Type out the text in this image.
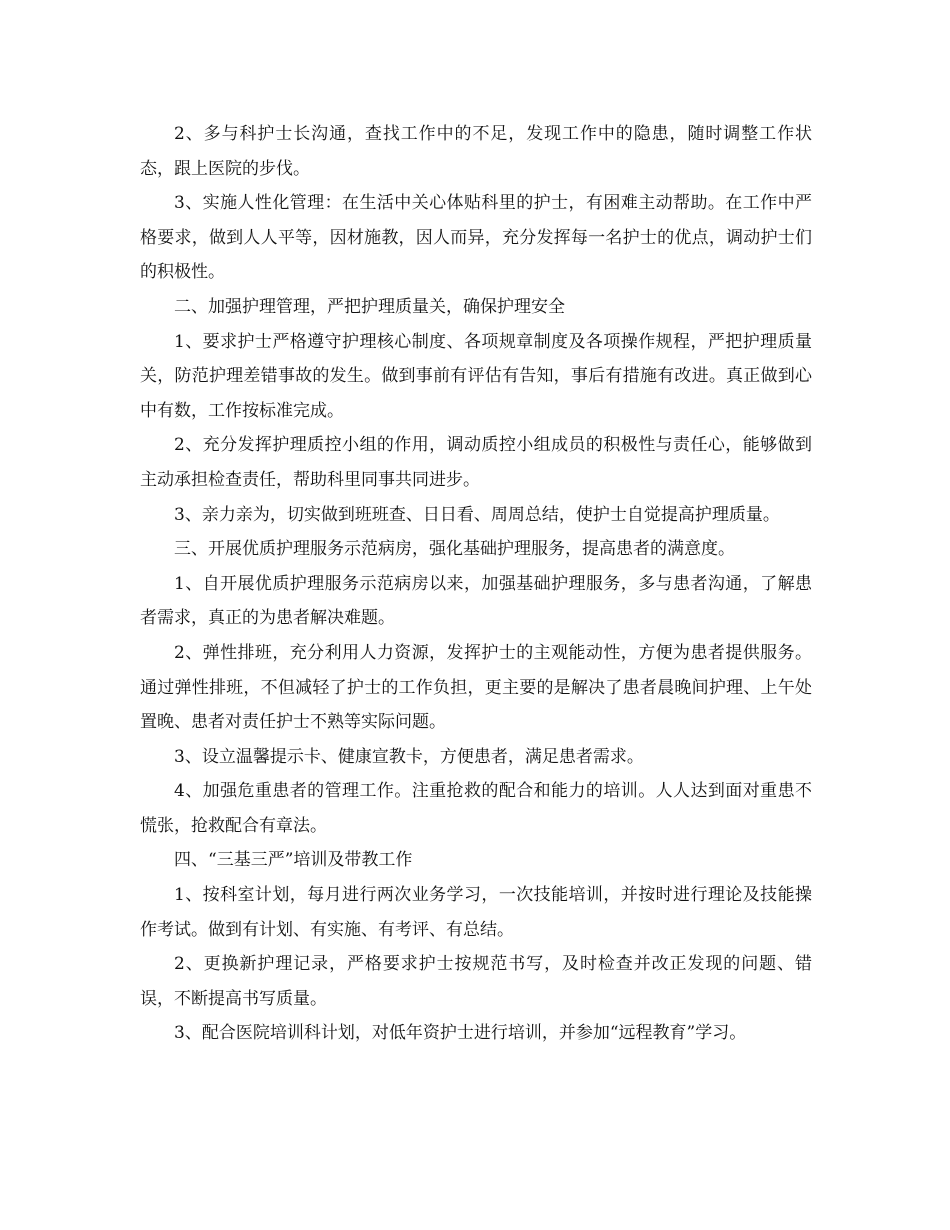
2、多与科护士长沟通，查找工作中的不足，发现工作中的隐患，随时调整工作状态，跟上医院的步伐。

3、实施人性化管理：在生活中关心体贴科里的护士，有困难主动帮助。在工作中严格要求，做到人人平等，因材施教，因人而异，充分发挥每一名护士的优点，调动护士们的积极性。

二、加强护理管理，严把护理质量关，确保护理安全

1、要求护士严格遵守护理核心制度、各项规章制度及各项操作规程，严把护理质量关，防范护理差错事故的发生。做到事前有评估有告知，事后有措施有改进。真正做到心中有数，工作按标准完成。

2、充分发挥护理质控小组的作用，调动质控小组成员的积极性与责任心，能够做到主动承担检查责任，帮助科里同事共同进步。

3、亲力亲为，切实做到班班查、日日看、周周总结，使护士自觉提高护理质量。

三、开展优质护理服务示范病房，强化基础护理服务，提高患者的满意度。

1、自开展优质护理服务示范病房以来，加强基础护理服务，多与患者沟通，了解患者需求，真正的为患者解决难题。

2、弹性排班，充分利用人力资源，发挥护士的主观能动性，方便为患者提供服务。通过弹性排班，不但减轻了护士的工作负担，更主要的是解决了患者晨晚间护理、上午处置晚、患者对责任护士不熟等实际问题。

3、设立温馨提示卡、健康宣教卡，方便患者，满足患者需求。

4、加强危重患者的管理工作。注重抢救的配合和能力的培训。人人达到面对重患不慌张，抢救配合有章法。

四、“三基三严”培训及带教工作

1、按科室计划，每月进行两次业务学习，一次技能培训，并按时进行理论及技能操作考试。做到有计划、有实施、有考评、有总结。

2、更换新护理记录，严格要求护士按规范书写，及时检查并改正发现的问题、错误，不断提高书写质量。

3、配合医院培训科计划，对低年资护士进行培训，并参加“远程教育”学习。
